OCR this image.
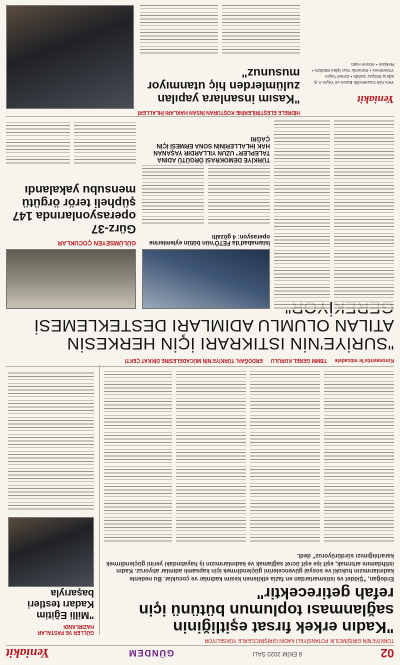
02
6 EKİM 2020 SALI
GÜNDEM
Yeniakit
TÜRKİYE'NİN GİRİŞİMCİLİK POTANSİYELİ KADIN GİRİŞİMCİLERLE YÜKSELİYOR
"Kadın erkek fırsat eşitliğinin sağlanması toplumun bütünü için refah getirecektir"
Erdoğan, "Şiddet ve istismarlardan en fazla etkilenen kesim kadınlar ve çocuklar. Bu nedenle kadınlarımızın hukukî ve sosyal güvencelerini güçlendirmek için kapsamlı adımlar atıyoruz. Kadın istihdamını artırmak, eşit işe eşit ücret sağlamak ve kadınlarımızın iş hayatındaki yerini güçlendirmek kararlılığımızı sürdürüyoruz" dedi.
GÜLLER VE PASTALAR HAZIRLANDI
"Milli Eğitim Kadarı testleri başarıyla
Koronavirüs'le mücadele
TBMM GENEL KURULU
ERDOĞAN, TÜRKİYE'NİN MÜCADELESİNE DİKKAT ÇEKTİ
"SURİYE'NİN ISTIKRARI İÇİN HERKESİN ATILAN OLUMLU ADIMLARI DESTEKLEMESİ
İslamabad'da FETÖ'nün bütün eylemlerine operasyon: 4 gözaltı
GÜLÜMSEYEN ÇOCUKLAR
Gürz-37 operasyonlarında 147 şüpheli terör örgütü mensubu yakalandı
TÜRKİYE DEMOKRASİ ÖRGÜTÜ ADINA TALEPLER" UZUN YILLARDIR YAŞANAN HAK İHLALLERİNİN SONA ERMESİ İÇİN ÇAĞRI
HİDRELE ELEŞTİRİLERİNE KOŞTURAN İNSAN HAKLARI İHLALLERİ
"Kasım insanlara yapılan zulümlerden hiç utanmıyor musunuz"
Yeniakit
Yeni Akit Gazetecilik Basın ve Yayın A.Ş. adına İmtiyaz Sahibi • Genel Yayın Yönetmeni • Sorumlu Yazı İşleri Müdürü • Reklam • Abone Hattı
